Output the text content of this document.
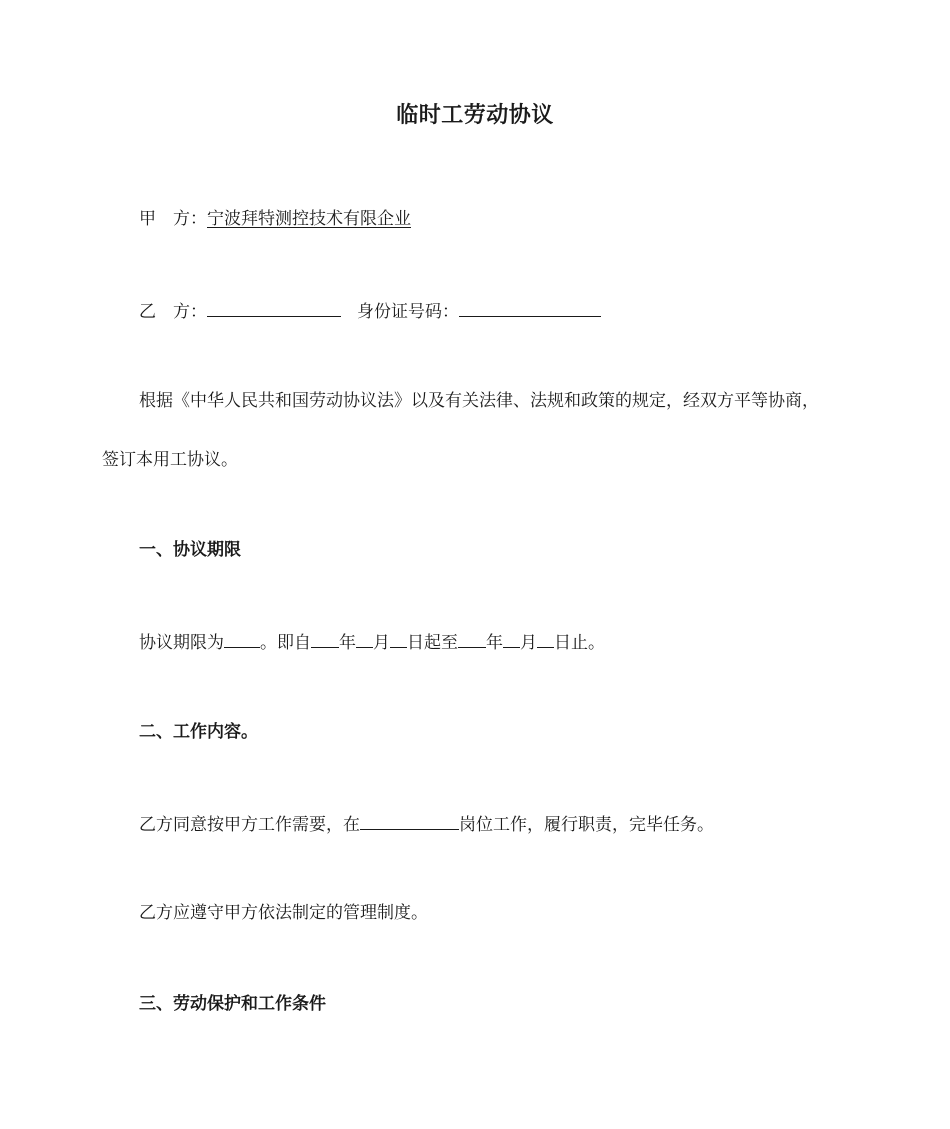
临时工劳动协议
甲　方：宁波拜特测控技术有限企业
乙　方：	身份证号码：
根据《中华人民共和国劳动协议法》以及有关法律、法规和政策的规定，经双方平等协商，
签订本用工协议。
一、协议期限
协议期限为 。即自 年 月 日起至 年 月 日止。
二、工作内容。
乙方同意按甲方工作需要，在	岗位工作，履行职责，完毕任务。
乙方应遵守甲方依法制定的管理制度。
三、劳动保护和工作条件
